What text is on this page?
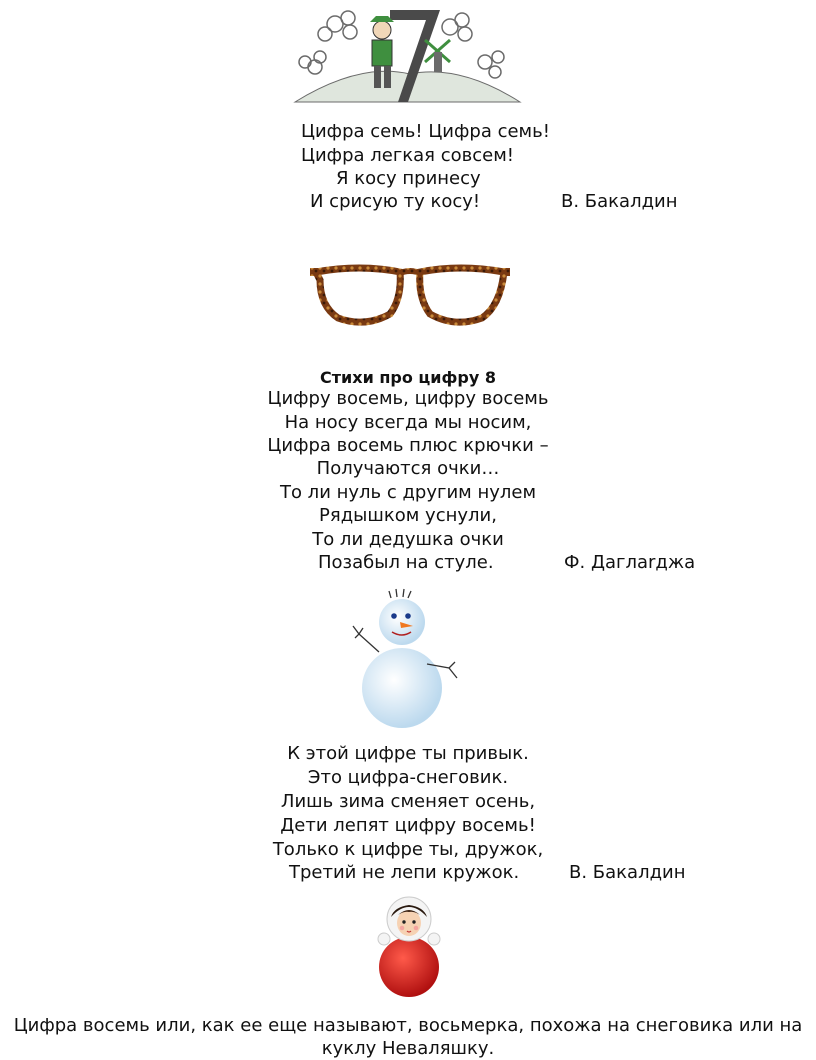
Цифра семь! Цифра семь!
Цифра легкая совсем!
Я косу принесу
И срисую ту косу!	В. Бакалдин
Стихи про цифру 8
Цифру восемь, цифру восемь
На носу всегда мы носим,
Цифра восемь плюс крючки –
Получаются очки…
То ли нуль с другим нулем
Рядышком уснули,
То ли дедушка очки
Позабыл на стуле.	Ф. Даглarджа
К этой цифре ты привык.
Это цифра-снеговик.
Лишь зима сменяет осень,
Дети лепят цифру восемь!
Только к цифре ты, дружок,
Третий не лепи кружок.	В. Бакалдин
Цифра восемь или, как ее еще называют, восьмерка, похожа на снеговика или на
куклу Неваляшку.
